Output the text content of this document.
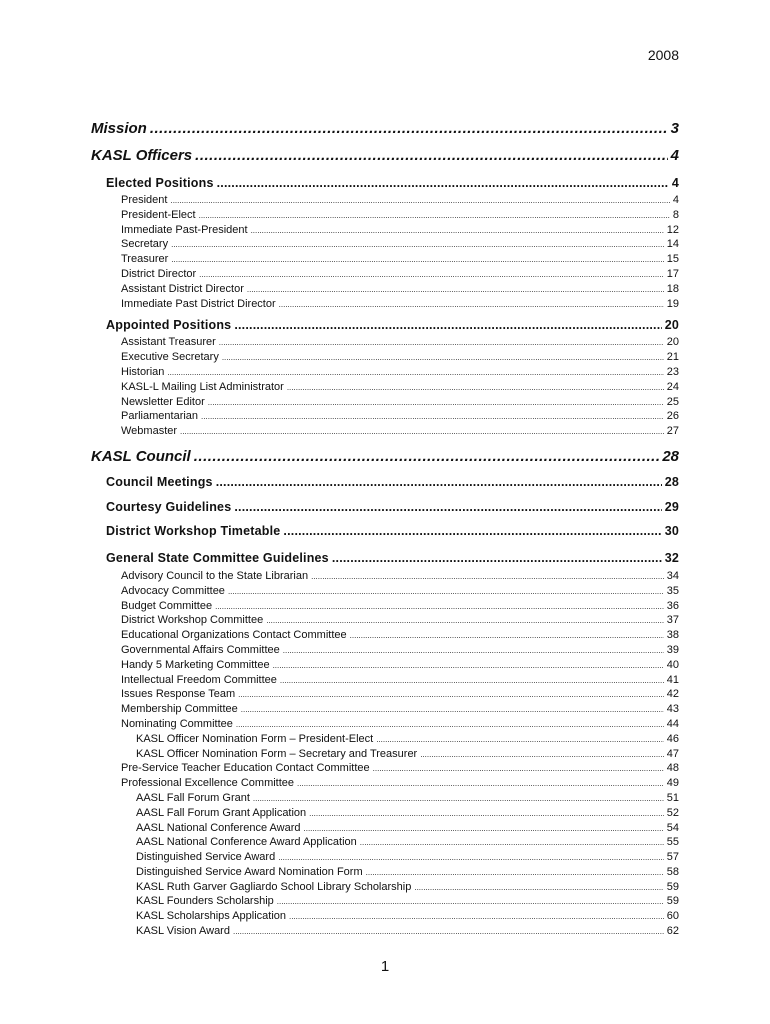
2008
Mission .....	3
KASL Officers .....	4
Elected Positions .....	4
President .....	4
President-Elect .....	8
Immediate Past-President .....	12
Secretary .....	14
Treasurer .....	15
District Director .....	17
Assistant District Director .....	18
Immediate Past District Director .....	19
Appointed Positions .....	20
Assistant Treasurer .....	20
Executive Secretary .....	21
Historian .....	23
KASL-L Mailing List Administrator .....	24
Newsletter Editor .....	25
Parliamentarian .....	26
Webmaster .....	27
KASL Council .....	28
Council Meetings .....	28
Courtesy Guidelines .....	29
District Workshop Timetable .....	30
General State Committee Guidelines .....	32
Advisory Council to the State Librarian .....	34
Advocacy Committee .....	35
Budget Committee .....	36
District Workshop Committee .....	37
Educational Organizations Contact Committee .....	38
Governmental Affairs Committee .....	39
Handy 5 Marketing Committee .....	40
Intellectual Freedom Committee .....	41
Issues Response Team .....	42
Membership Committee .....	43
Nominating Committee .....	44
KASL Officer Nomination Form – President-Elect .....	46
KASL Officer Nomination Form – Secretary and Treasurer .....	47
Pre-Service Teacher Education Contact Committee .....	48
Professional Excellence Committee .....	49
AASL Fall Forum Grant .....	51
AASL Fall Forum Grant Application .....	52
AASL National Conference Award .....	54
AASL National Conference Award Application .....	55
Distinguished Service Award .....	57
Distinguished Service Award Nomination Form .....	58
KASL Ruth Garver Gagliardo School Library Scholarship .....	59
KASL Founders Scholarship .....	59
KASL Scholarships Application .....	60
KASL Vision Award .....	62
1
